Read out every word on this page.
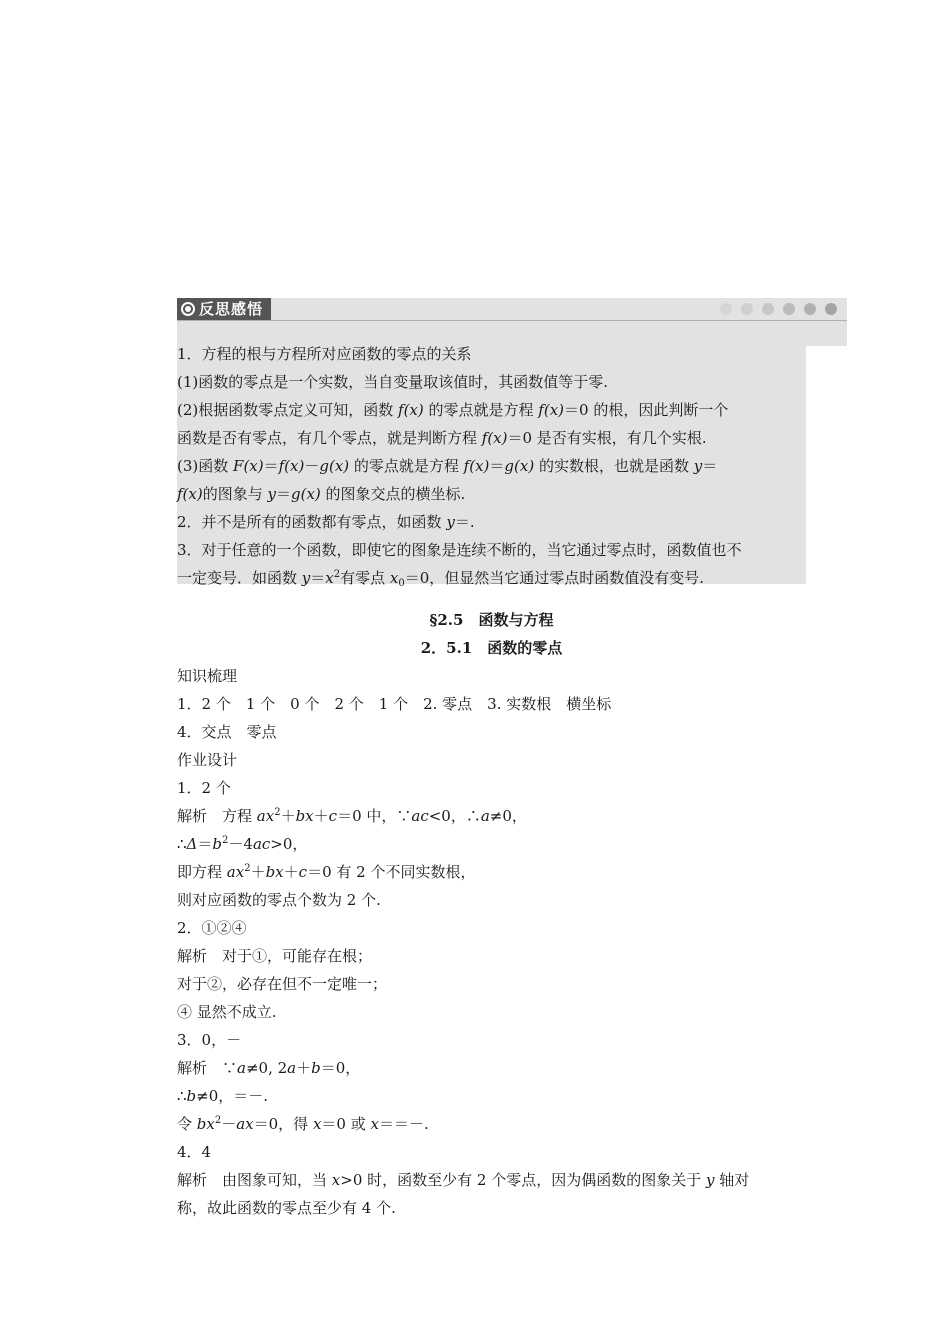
反思感悟
1．方程的根与方程所对应函数的零点的关系
(1)函数的零点是一个实数，当自变量取该值时，其函数值等于零.
(2)根据函数零点定义可知，函数 f(x) 的零点就是方程 f(x)＝0 的根，因此判断一个
函数是否有零点，有几个零点，就是判断方程 f(x)＝0 是否有实根，有几个实根.
(3)函数 F(x)＝f(x)－g(x) 的零点就是方程 f(x)＝g(x) 的实数根，也就是函数 y＝
f(x)的图象与 y＝g(x) 的图象交点的横坐标.
2．并不是所有的函数都有零点，如函数 y＝.
3．对于任意的一个函数，即使它的图象是连续不断的，当它通过零点时，函数值也不
一定变号．如函数 $y=x^2$有零点 $x_0=0$，但显然当它通过零点时函数值没有变号.
§2.5　函数与方程
2．5.1　函数的零点
知识梳理
1．2 个　1 个　0 个　2 个　1 个　2. 零点　3. 实数根　横坐标
4．交点　零点
作业设计
1．2 个
解析　方程 $ax^2+bx+c=0$ 中，∵ac<0，∴a≠0，
$\therefore\Delta=b^2-4ac>0$，
即方程 $ax^2+bx+c=0$ 有 2 个不同实数根，
则对应函数的零点个数为 2 个.
2．①②④
解析　对于①，可能存在根；
对于②，必存在但不一定唯一；
④ 显然不成立.
3．0，－
解析　∵a≠0, 2a＋b＝0，
∴b≠0，＝－.
令 $bx^2-ax=0$，得 x＝0 或 x＝＝－.
4．4
解析　由图象可知，当 x>0 时，函数至少有 2 个零点，因为偶函数的图象关于 y 轴对
称，故此函数的零点至少有 4 个.
